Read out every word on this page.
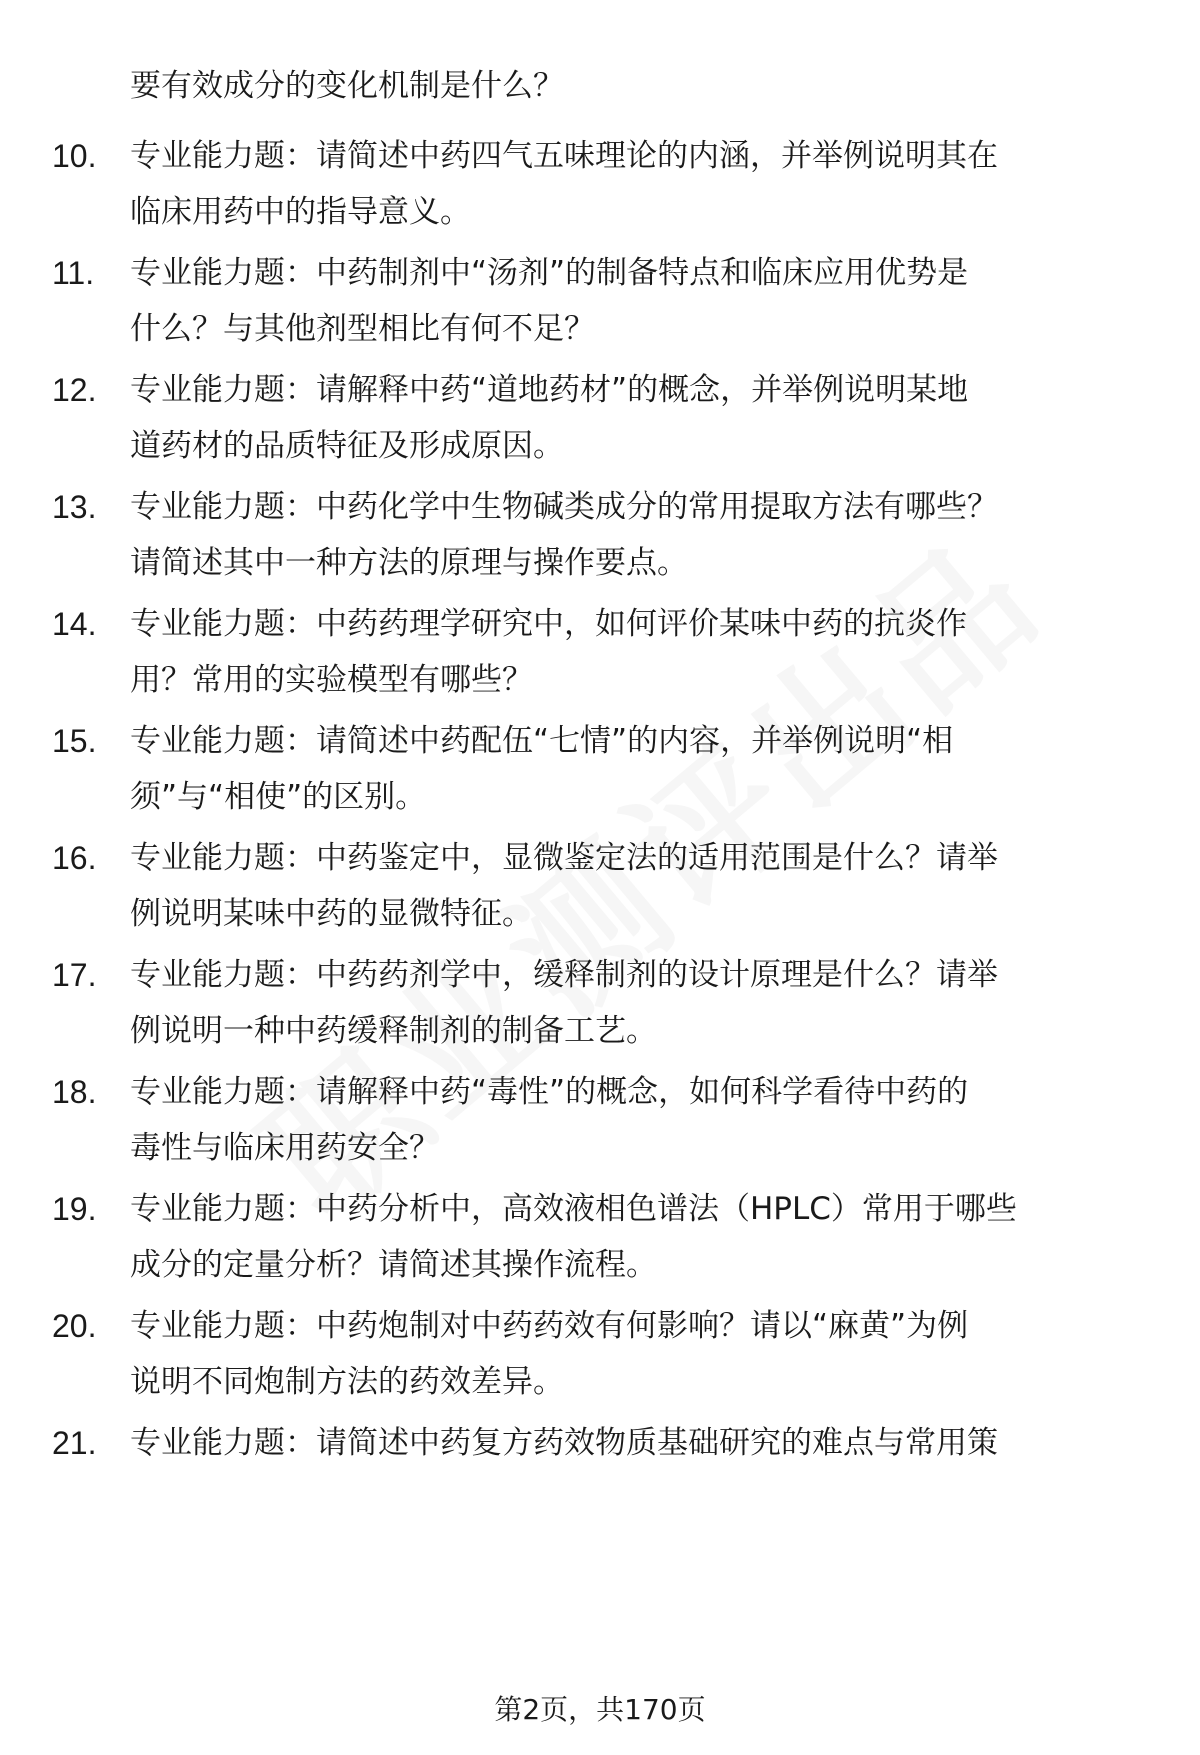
要有效成分的变化机制是什么？
10.	专业能力题：请简述中药四气五味理论的内涵，并举例说明其在
临床用药中的指导意义。
11.	专业能力题：中药制剂中“汤剂”的制备特点和临床应用优势是
什么？与其他剂型相比有何不足？
12.	专业能力题：请解释中药“道地药材”的概念，并举例说明某地
道药材的品质特征及形成原因。
13.	专业能力题：中药化学中生物碱类成分的常用提取方法有哪些？
请简述其中一种方法的原理与操作要点。
14.	专业能力题：中药药理学研究中，如何评价某味中药的抗炎作
用？常用的实验模型有哪些？
15.	专业能力题：请简述中药配伍“七情”的内容，并举例说明“相
须”与“相使”的区别。
16.	专业能力题：中药鉴定中，显微鉴定法的适用范围是什么？请举
例说明某味中药的显微特征。
17.	专业能力题：中药药剂学中，缓释制剂的设计原理是什么？请举
例说明一种中药缓释制剂的制备工艺。
18.	专业能力题：请解释中药“毒性”的概念，如何科学看待中药的
毒性与临床用药安全？
19.	专业能力题：中药分析中，高效液相色谱法（HPLC）常用于哪些
成分的定量分析？请简述其操作流程。
20.	专业能力题：中药炮制对中药药效有何影响？请以“麻黄”为例
说明不同炮制方法的药效差异。
21.	专业能力题：请简述中药复方药效物质基础研究的难点与常用策
第2页，共170页
